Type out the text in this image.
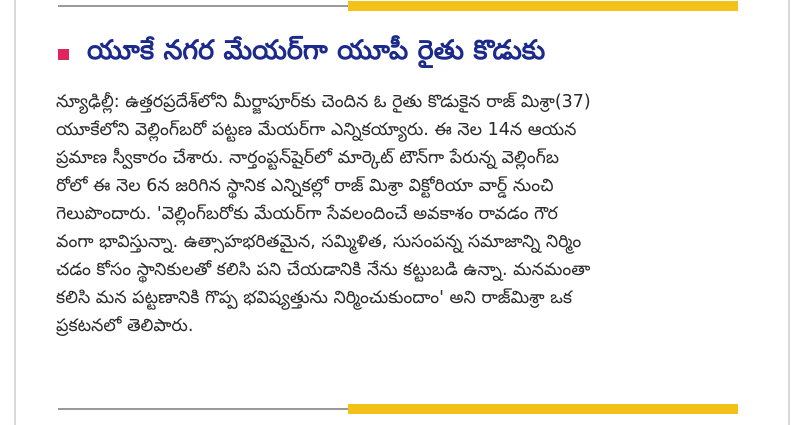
యూకే నగర మేయర్‌గా యూపీ రైతు కొడుకు
న్యూఢిల్లీ: ఉత్తరప్రదేశ్‌లోని మీర్జాపూర్‌కు చెందిన ఓ రైతు కొడుకైన రాజ్ మిశ్రా(37)
యూకేలోని వెల్లింగ్‌బరో పట్టణ మేయర్‌గా ఎన్నికయ్యారు. ఈ నెల 14న ఆయన
ప్రమాణ స్వీకారం చేశారు. నార్తంప్టన్‌షైర్‌లో మార్కెట్ టౌన్‌గా పేరున్న వెల్లింగ్‌బ
రోలో ఈ నెల 6న జరిగిన స్థానిక ఎన్నికల్లో రాజ్ మిశ్రా విక్టోరియా వార్డ్ నుంచి
గెలుపొందారు. 'వెల్లింగ్‌బరోకు మేయర్‌గా సేవలందించే అవకాశం రావడం గౌర
వంగా భావిస్తున్నా. ఉత్సాహభరితమైన, సమ్మిళిత, సుసంపన్న సమాజాన్ని నిర్మిం
చడం కోసం స్థానికులతో కలిసి పని చేయడానికి నేను కట్టుబడి ఉన్నా. మనమంతా
కలిసి మన పట్టణానికి గొప్ప భవిష్యత్తును నిర్మించుకుందాం' అని రాజ్‌మిశ్రా ఒక
ప్రకటనలో తెలిపారు.
